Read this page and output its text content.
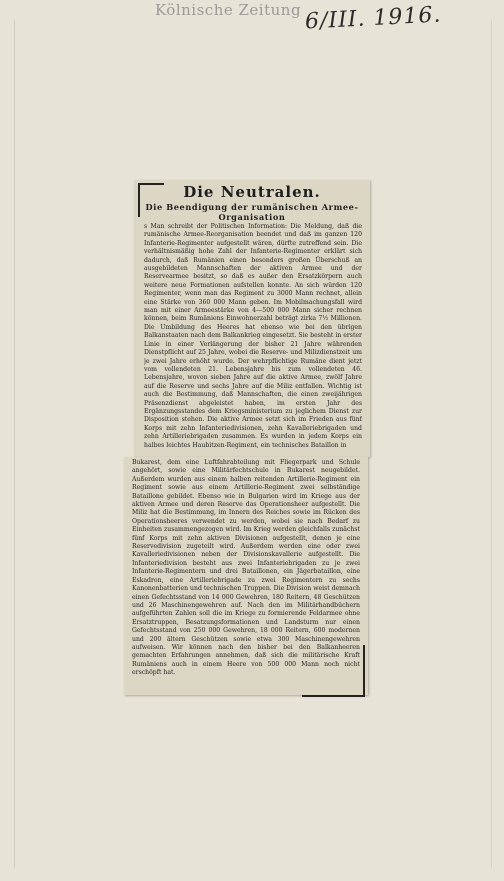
Kölnische Zeitung 6/III. 1916.
Die Neutralen.
Die Beendigung der rumänischen Armee-Organisation
s Man schreibt der Politischen Information: Die Meldung, daß die rumänische Armee-Reorganisation beendet und daß im ganzen 120 Infanterie-Regimenter aufgestellt wären, dürfte zutreffend sein. Die verhältnismäßig hohe Zahl der Infanterie-Regimenter erklärt sich dadurch, daß Rumänien einen besonders großen Überschuß an ausgebildeten Mannschaften der aktiven Armee und der Reservearmee besitzt, so daß es außer den Ersatzkörpern auch weitere neue Formationen aufstellen konnte. An sich würden 120 Regimenter, wenn man das Regiment zu 3000 Mann rechnet, allein eine Stärke von 360 000 Mann geben. Im Mobilmachungsfall wird man mit einer Armeestärke von 4—500 000 Mann sicher rechnen können, beim Rumäniens Einwohnerzahl beträgt zirka 7½ Millionen. Die Umbildung des Heeres hat ebenso wie bei den übrigen Balkanstaaten nach dem Balkankrieg eingesetzt. Sie besteht in erster Linie in einer Verlängerung der bisher 21 Jahre währenden Dienstpflicht auf 25 Jahre, wobei die Reserve- und Milizdienstzeit um je zwei Jahre erhöht wurde. Der wehrpflichtige Rumäne dient jetzt vom vollendeten 21. Lebensjahre bis zum vollendeten 46. Lebensjahre, wovon sieben Jahre auf die aktive Armee, zwölf Jahre auf die Reserve und sechs Jahre auf die Miliz entfallen. Wichtig ist auch die Bestimmung, daß Mannschaften, die einen zweijährigen Präsenzdienst abgeleistet haben, im ersten Jahr des Ergänzungsstandes dem Kriegsministerium zu jeglichem Dienst zur Disposition stehen. Die aktive Armee setzt sich im Frieden aus fünf Korps mit zehn Infanteriedivisionen, zehn Kavalleriebrigaden und zehn Artilleriebrigaden zusammen. Es wurden in jedem Korps ein halbes leichtes Haubitzen-Regiment, ein technisches Bataillon in
Bukarest, dem eine Luftfahrabteilung mit Fliegerpark und Schule angehört, sowie eine Militärfechtschule in Bukarest neugebildet. Außerdem wurden aus einem halben reitenden Artillerie-Regiment ein Regiment sowie aus einem Artillerie-Regiment zwei selbständige Bataillone gebildet. Ebenso wie in Bulgarien wird im Kriege aus der aktiven Armee und deren Reserve das Operationsheer aufgestellt. Die Miliz hat die Bestimmung, im Innern des Reiches sowie im Rücken des Operationsheeres verwendet zu werden, wobei sie nach Bedarf zu Einheiten zusammengezogen wird. Im Krieg werden gleichfalls zunächst fünf Korps mit zehn aktiven Divisionen aufgestellt, denen je eine Reservedivision zugeteilt wird. Außerdem werden eine oder zwei Kavalleriedivisionen neben der Divisionskavallerie aufgestellt. Die Infanteriedivision besteht aus zwei Infanteriebrigaden zu je zwei Infanterie-Regimentern und drei Bataillonen, ein Jägerbataillon, eine Eskadron, eine Artilleriebrigade zu zwei Regimentern zu sechs Kanonenbatterien und technischen Truppen. Die Division weist demnach einen Gefechtsstand von 14 000 Gewehren, 180 Reitern, 48 Geschützen und 26 Maschinengewehren auf. Nach den im Militärhandbüchern aufgeführten Zahlen soll die im Kriege zu formierende Feldarmee ohne Ersatztruppen, Besatzungsformationen und Landsturm nur einen Gefechtsstand von 250 000 Gewehren, 18 000 Reitern, 600 modernen und 200 ältern Geschützen sowie etwa 300 Maschinengewehren aufweisen. Wir können nach den bisher bei den Balkanheeren gemachten Erfahrungen annehmen, daß sich die militärische Kraft Rumäniens auch in einem Heere von 500 000 Mann noch nicht erschöpft hat.
